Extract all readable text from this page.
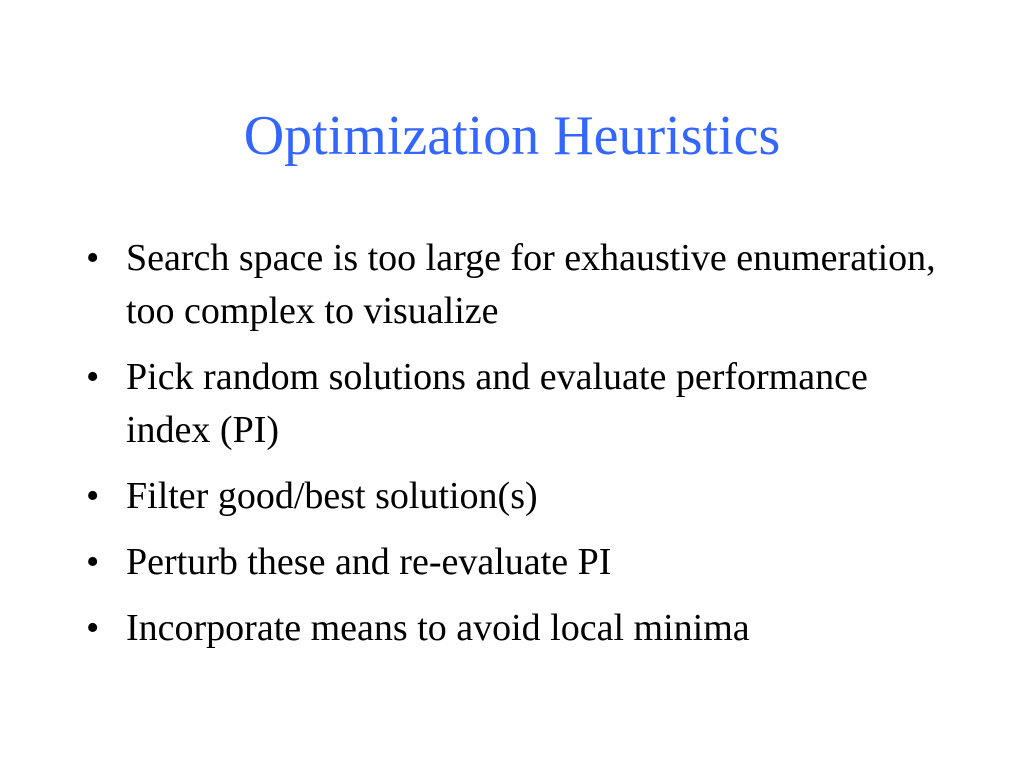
Optimization Heuristics
• Search space is too large for exhaustive enumeration, too complex to visualize
• Pick random solutions and evaluate performance index (PI)
• Filter good/best solution(s)
• Perturb these and re-evaluate PI
• Incorporate means to avoid local minima
